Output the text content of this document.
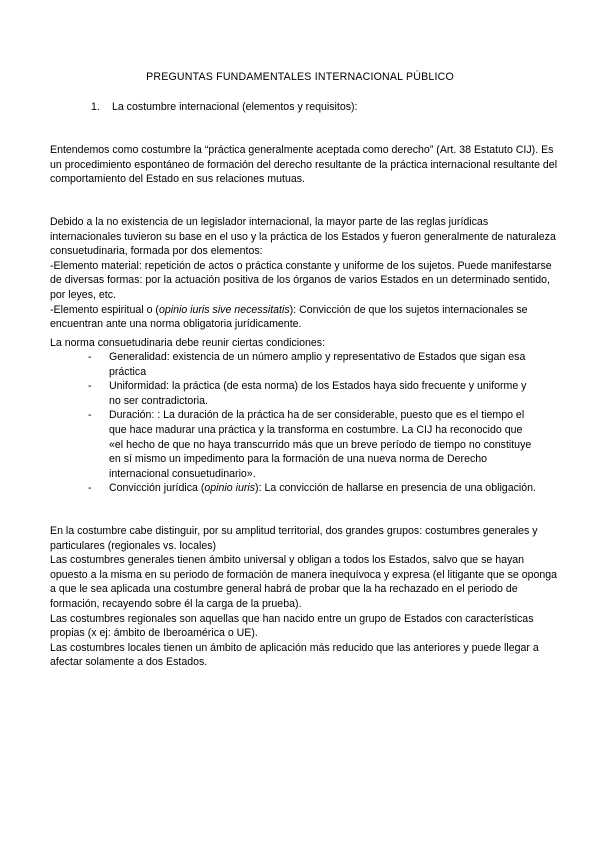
PREGUNTAS FUNDAMENTALES INTERNACIONAL PÚBLICO
1. La costumbre internacional (elementos y requisitos):

Entendemos como costumbre la “práctica generalmente aceptada como derecho” (Art. 38 Estatuto CIJ). Es un procedimiento espontáneo de formación del derecho resultante de la práctica internacional resultante del comportamiento del Estado en sus relaciones mutuas.

Debido a la no existencia de un legislador internacional, la mayor parte de las reglas jurídicas internacionales tuvieron su base en el uso y la práctica de los Estados y fueron generalmente de naturaleza consuetudinaria, formada por dos elementos:

-Elemento material: repetición de actos o práctica constante y uniforme de los sujetos. Puede manifestarse de diversas formas: por la actuación positiva de los órganos de varios Estados en un determinado sentido, por leyes, etc.

-Elemento espiritual o (opinio iuris sive necessitatis): Convicción de que los sujetos internacionales se encuentran ante una norma obligatoria jurídicamente.

La norma consuetudinaria debe reunir ciertas condiciones:

- Generalidad: existencia de un número amplio y representativo de Estados que sigan esa práctica
- Uniformidad: la práctica (de esta norma) de los Estados haya sido frecuente y uniforme y no ser contradictoria.
- Duración: : La duración de la práctica ha de ser considerable, puesto que es el tiempo el que hace madurar una práctica y la transforma en costumbre. La CIJ ha reconocido que «el hecho de que no haya transcurrido más que un breve período de tiempo no constituye en sí mismo un impedimento para la formación de una nueva norma de Derecho internacional consuetudinario».
- Convicción jurídica (opinio iuris): La convicción de hallarse en presencia de una obligación.

En la costumbre cabe distinguir, por su amplitud territorial, dos grandes grupos: costumbres generales y particulares (regionales vs. locales)

Las costumbres generales tienen ámbito universal y obligan a todos los Estados, salvo que se hayan opuesto a la misma en su periodo de formación de manera inequívoca y expresa (el litigante que se oponga a que le sea aplicada una costumbre general habrá de probar que la ha rechazado en el periodo de formación, recayendo sobre él la carga de la prueba).

Las costumbres regionales son aquellas que han nacido entre un grupo de Estados con características propias (x ej: ámbito de Iberoamérica o UE).

Las costumbres locales tienen un ámbito de aplicación más reducido que las anteriores y puede llegar a afectar solamente a dos Estados.
